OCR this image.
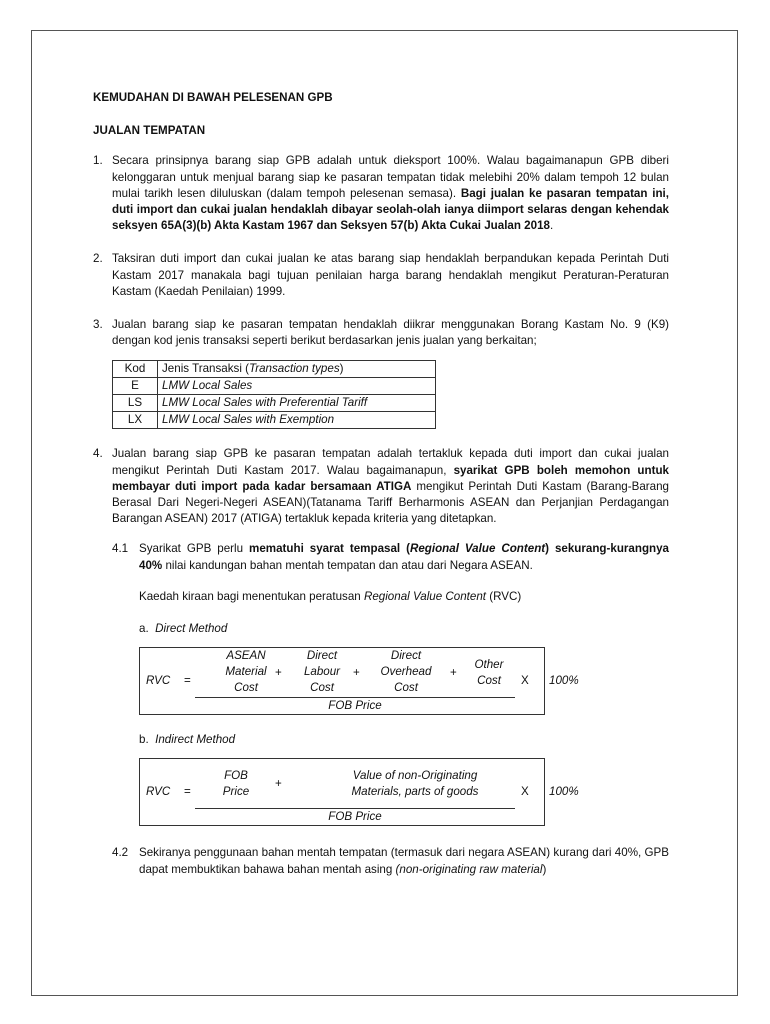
KEMUDAHAN DI BAWAH PELESENAN GPB

JUALAN TEMPATAN

1. Secara prinsipnya barang siap GPB adalah untuk dieksport 100%. Walau bagaimanapun GPB diberi kelonggaran untuk menjual barang siap ke pasaran tempatan tidak melebihi 20% dalam tempoh 12 bulan mulai tarikh lesen diluluskan (dalam tempoh pelesenan semasa). Bagi jualan ke pasaran tempatan ini, duti import dan cukai jualan hendaklah dibayar seolah-olah ianya diimport selaras dengan kehendak seksyen 65A(3)(b) Akta Kastam 1967 dan Seksyen 57(b) Akta Cukai Jualan 2018.
2. Taksiran duti import dan cukai jualan ke atas barang siap hendaklah berpandukan kepada Perintah Duti Kastam 2017 manakala bagi tujuan penilaian harga barang hendaklah mengikut Peraturan-Peraturan Kastam (Kaedah Penilaian) 1999.
3. Jualan barang siap ke pasaran tempatan hendaklah diikrar menggunakan Borang Kastam No. 9 (K9) dengan kod jenis transaksi seperti berikut berdasarkan jenis jualan yang berkaitan;
Kod	Jenis Transaksi (Transaction types)
E	LMW Local Sales
LS	LMW Local Sales with Preferential Tariff
LX	LMW Local Sales with Exemption
4. Jualan barang siap GPB ke pasaran tempatan adalah tertakluk kepada duti import dan cukai jualan mengikut Perintah Duti Kastam 2017. Walau bagaimanapun, syarikat GPB boleh memohon untuk membayar duti import pada kadar bersamaan ATIGA mengikut Perintah Duti Kastam (Barang-Barang Berasal Dari Negeri-Negeri ASEAN)(Tatanama Tariff Berharmonis ASEAN dan Perjanjian Perdagangan Barangan ASEAN) 2017 (ATIGA) tertakluk kepada kriteria yang ditetapkan.
4.1 Syarikat GPB perlu mematuhi syarat tempasal (Regional Value Content) sekurang-kurangnya 40% nilai kandungan bahan mentah tempatan dan atau dari Negara ASEAN.

Kaedah kiraan bagi menentukan peratusan Regional Value Content (RVC)

a. Direct Method

RVC =
ASEAN
Material
Cost
+
Direct
Labour
Cost
+
Direct
Overhead
Cost
+
Other
Cost
FOB Price
X 100%

b. Indirect Method

RVC =
FOB
Price
+
Value of non-Originating
Materials, parts of goods
FOB Price
X 100%
4.2 Sekiranya penggunaan bahan mentah tempatan (termasuk dari negara ASEAN) kurang dari 40%, GPB dapat membuktikan bahawa bahan mentah asing (non-originating raw material)
